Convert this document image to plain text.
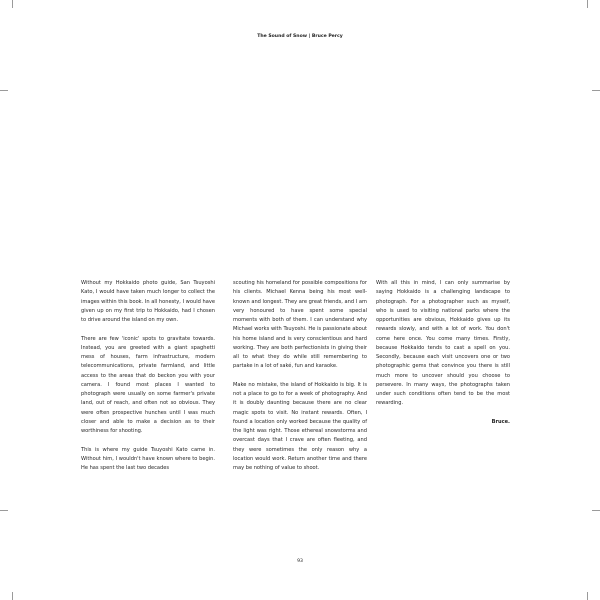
The Sound of Snow | Bruce Percy

Without my Hokkaido photo guide, San Tsuyoshi Kato, I would have taken much longer to collect the images within this book. In all honesty, I would have given up on my first trip to Hokkaido, had I chosen to drive around the island on my own.

There are few 'iconic' spots to gravitate towards. Instead, you are greeted with a giant spaghetti mess of houses, farm infrastructure, modern telecommunications, private farmland, and little access to the areas that do beckon you with your camera. I found most places I wanted to photograph were usually on some farmer's private land, out of reach, and often not so obvious. They were often prospective hunches until I was much closer and able to make a decision as to their worthiness for shooting.

This is where my guide Tsuyoshi Kato came in. Without him, I wouldn't have known where to begin. He has spent the last two decades

scouting his homeland for possible compositions for his clients. Michael Kenna being his most well-known and longest. They are great friends, and I am very honoured to have spent some special moments with both of them. I can understand why Michael works with Tsuyoshi. He is passionate about his home island and is very conscientious and hard working. They are both perfectionists in giving their all to what they do while still remembering to partake in a lot of saké, fun and karaoke.

Make no mistake, the island of Hokkaido is big. It is not a place to go to for a week of photography. And it is doubly daunting because there are no clear magic spots to visit. No instant rewards. Often, I found a location only worked because the quality of the light was right. Those ethereal snowstorms and overcast days that I crave are often fleeting, and they were sometimes the only reason why a location would work. Return another time and there may be nothing of value to shoot.

With all this in mind, I can only summarise by saying Hokkaido is a challenging landscape to photograph. For a photographer such as myself, who is used to visiting national parks where the opportunities are obvious, Hokkaido gives up its rewards slowly, and with a lot of work. You don't come here once. You come many times. Firstly, because Hokkaido tends to cast a spell on you. Secondly, because each visit uncovers one or two photographic gems that convince you there is still much more to uncover should you choose to persevere. In many ways, the photographs taken under such conditions often tend to be the most rewarding.

Bruce.
93
